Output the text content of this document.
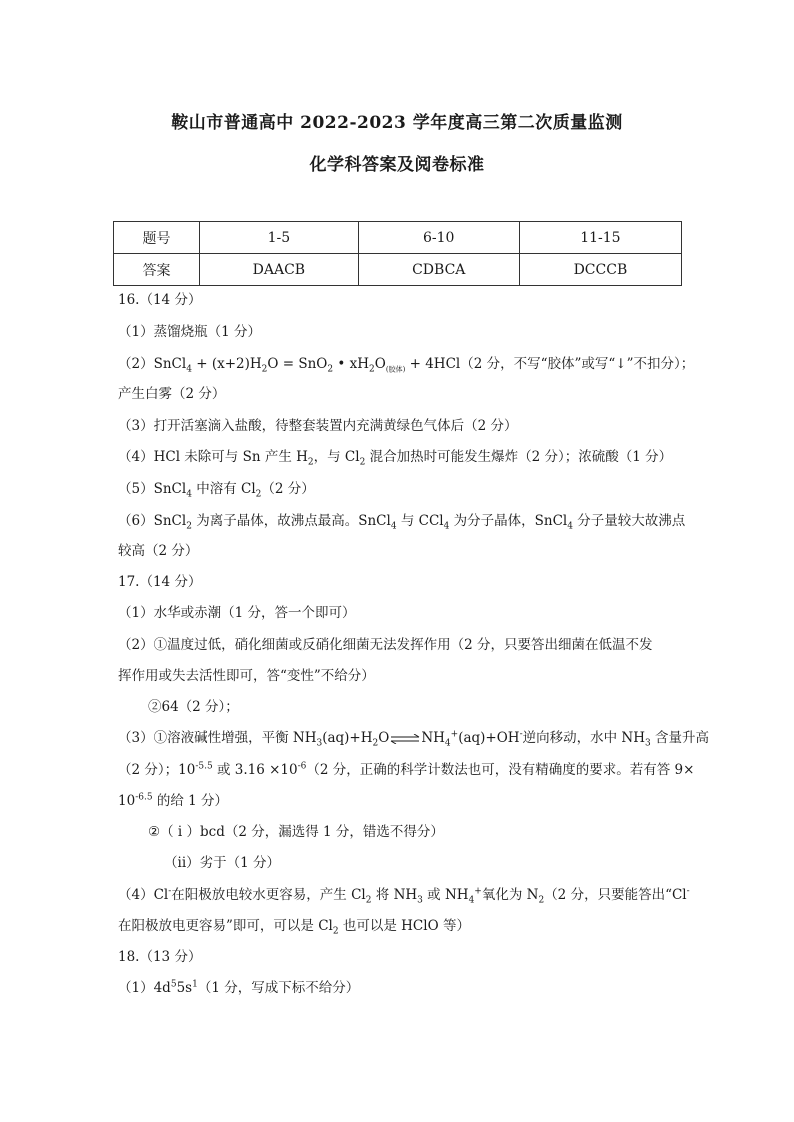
鞍山市普通高中 2022-2023 学年度高三第二次质量监测
化学科答案及阅卷标准
题号	1-5	6-10	11-15
答案	DAACB	CDBCA	DCCCB
16.（14 分）
（1）蒸馏烧瓶（1 分）
（2）SnCl$_4$ + $(x+2)H_2O = SnO_2$ • $xH_2O_{(胶体)} + 4HCl(2$ 分，不写“胶体”或写“↓”不扣分）；
产生白雾（2 分）
（3）打开活塞滴入盐酸，待整套装置内充满黄绿色气体后（2 分）
（4）HCl 未除可与 Sn 产生 $H_2$，与 $Cl_2$ 混合加热时可能发生爆炸（2 分）；浓硫酸（1 分）
（5）SnCl$_4$ 中溶有 $Cl_2(2$ 分）
（6）SnCl$_2$ 为离子晶体，故沸点最高。SnCl$_4$ 与 CCl$_4$ 为分子晶体，SnCl$_4$ 分子量较大故沸点
较高（2 分）
17.（14 分）
（1）水华或赤潮（1 分，答一个即可）
（2）①温度过低，硝化细菌或反硝化细菌无法发挥作用（2 分，只要答出细菌在低温不发
挥作用或失去活性即可，答“变性”不给分）
②64（2 分）；
（3）①溶液碱性增强，平衡 $NH_3(aq)+H_2O\rightleftharpoons NH_4^+(aq)+OH^-$逆向移动，水中 $NH_3$ 含量升高
（2 分）；$10^{-5.5}$ 或 $3.16 \times 10^{-6}(2$ 分，正确的科学计数法也可，没有精确度的要求。若有答 9×
$10^{-6.5}$ 的给 1 分）
②（ i ）bcd（2 分，漏选得 1 分，错选不得分）
（ii）劣于（1 分）
（4）Cl-在阳极放电较水更容易，产生 $Cl_2$ 将 $NH_3$ 或 $NH_4^+$氧化为 $N_2(2$ 分，只要能答出“Cl-
在阳极放电更容易”即可，可以是 $Cl_2$ 也可以是 HClO 等）
18.（13 分）
$(1)4d^55s^1(1$ 分，写成下标不给分）
